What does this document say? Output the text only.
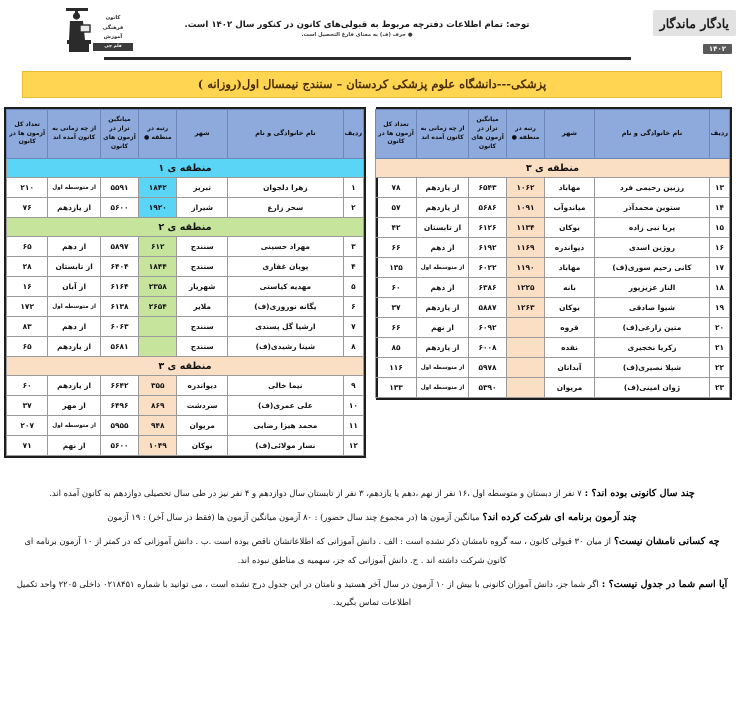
کانون
فرهنگی
آموزش
قلم چی
توجه: تمام اطلاعات دفترچه مربوط به قبولی‌های کانون در کنکور سال ۱۴۰۲ است.
● حرف (ف) به معنای فارغ التحصیل است.
یادگار ماندگار
۱۴۰۲
پزشکی---دانشگاه علوم پزشکی کردستان – سنندج نیمسال اول(روزانه )
ردیف	نام خانوادگی و نام	شهر	رتبه در منطقه ●	میانگین تراز در آزمون های کانون	از چه زمانی به کانون آمده اند	تعداد کل آزمون ها در کانون
منطقه ی ۳						
۱۳	رزبین رحیمی فرد	مهاباد	۱۰۶۲	۶۵۴۳	از یازدهم	۷۸
۱۴	ستوین محمدآذر	میاندوآب	۱۰۹۱	۵۶۸۶	از یازدهم	۵۷
۱۵	پریا نبی زاده	بوکان	۱۱۳۴	۶۱۲۶	از تابستان	۴۲
۱۶	روژین اسدی	دیواندره	۱۱۶۹	۶۱۹۲	از دهم	۶۶
۱۷	کانی رحیم سوری(ف)	مهاباد	۱۱۹۰	۶۰۲۲	از متوسطه اول	۱۳۵
۱۸	الناز عزیزپور	بانه	۱۲۲۵	۶۳۸۶	از دهم	۶۰
۱۹	شیوا صادقی	بوکان	۱۲۶۳	۵۸۸۷	از یازدهم	۳۷
۲۰	متین زارعی(ف)	قروه		۶۰۹۲	از نهم	۶۶
۲۱	زکریا نخجیری	نقده		۶۰۰۸	از یازدهم	۸۵
۲۲	شیلا نصیری(ف)	آبدانان		۵۹۷۸	از متوسطه اول	۱۱۶
۲۳	ژوان امینی(ف)	مریوان		۵۳۹۰	از متوسطه اول	۱۳۳
ردیف	نام خانوادگی و نام	شهر	رتبه در منطقه ●	میانگین تراز در آزمون های کانون	از چه زمانی به کانون آمده اند	تعداد کل آزمون ها در کانون
منطقه ی ۱						
۱	زهرا دلجوان	تبریز	۱۸۴۲	۵۵۹۱	از متوسطه اول	۲۱۰
۲	سحر زارع	شیراز	۱۹۲۰	۵۶۰۰	از یازدهم	۷۶
منطقه ی ۲						
۳	مهراد حسینی	سنندج	۶۱۲	۵۸۹۷	از دهم	۶۵
۴	پویان غفاری	سنندج	۱۸۴۴	۶۴۰۴	از تابستان	۲۸
۵	مهدیه کیاستی	شهریار	۲۳۵۸	۶۱۶۴	از آبان	۱۶
۶	یگانه نوروزی(ف)	ملایر	۲۶۵۴	۶۱۳۸	از متوسطه اول	۱۷۲
۷	ارشیا گل پسندی	سنندج		۶۰۶۳	از دهم	۸۳
۸	شینا رشیدی(ف)	سنندج		۵۶۸۱	از یازدهم	۶۵
منطقه ی ۳						
۹	نیما خالی	دیواندره	۳۵۵	۶۶۴۲	از یازدهم	۶۰
۱۰	علی عمری(ف)	سردشت	۸۶۹	۶۴۹۶	از مهر	۳۷
۱۱	محمد هیزا رضایی	مریوان	۹۴۸	۵۹۵۵	از متوسطه اول	۲۰۷
۱۲	نسار مولائی(ف)	بوکان	۱۰۴۹	۵۶۰۰	از نهم	۷۱
چند سال کانونی بوده اند؟ : ۷ نفر از دبستان و متوسطه اول ،۱۶ نفر از نهم ،دهم یا یازدهم، ۳ نفر از تابستان سال دوازدهم و ۴ نفر نیز در طی سال تحصیلی دوازدهم به کانون آمده اند.
چند آزمون برنامه ای شرکت کرده اند؟ میانگین آزمون ها (در مجموع چند سال حضور) : ۸۰ آزمون میانگین آزمون ها (فقط در سال آخر) : ۱۹ آزمون
چه کسانی نامشان نیست؟ از میان ۳۰ قبولی کانون ، سه گروه نامشان ذکر نشده است : الف . دانش آموزانی که اطلاعاتشان ناقص بوده است .ب . دانش آموزانی که در کمتر از ۱۰ آزمون برنامه ای کانون شرکت داشته اند . ج. دانش آموزانی که جز، سهمیه ی مناطق نبوده اند.
آیا اسم شما در جدول نیست؟ : اگر شما جز، دانش آموزان کانونی با بیش از ۱۰ آزمون در سال آخر هستید و نامتان در این جدول درج نشده است ، می توانید با شماره ۰۲۱۸۴۵۱ داخلی ۲۲۰۵ واحد تکمیل اطلاعات تماس بگیرید.
